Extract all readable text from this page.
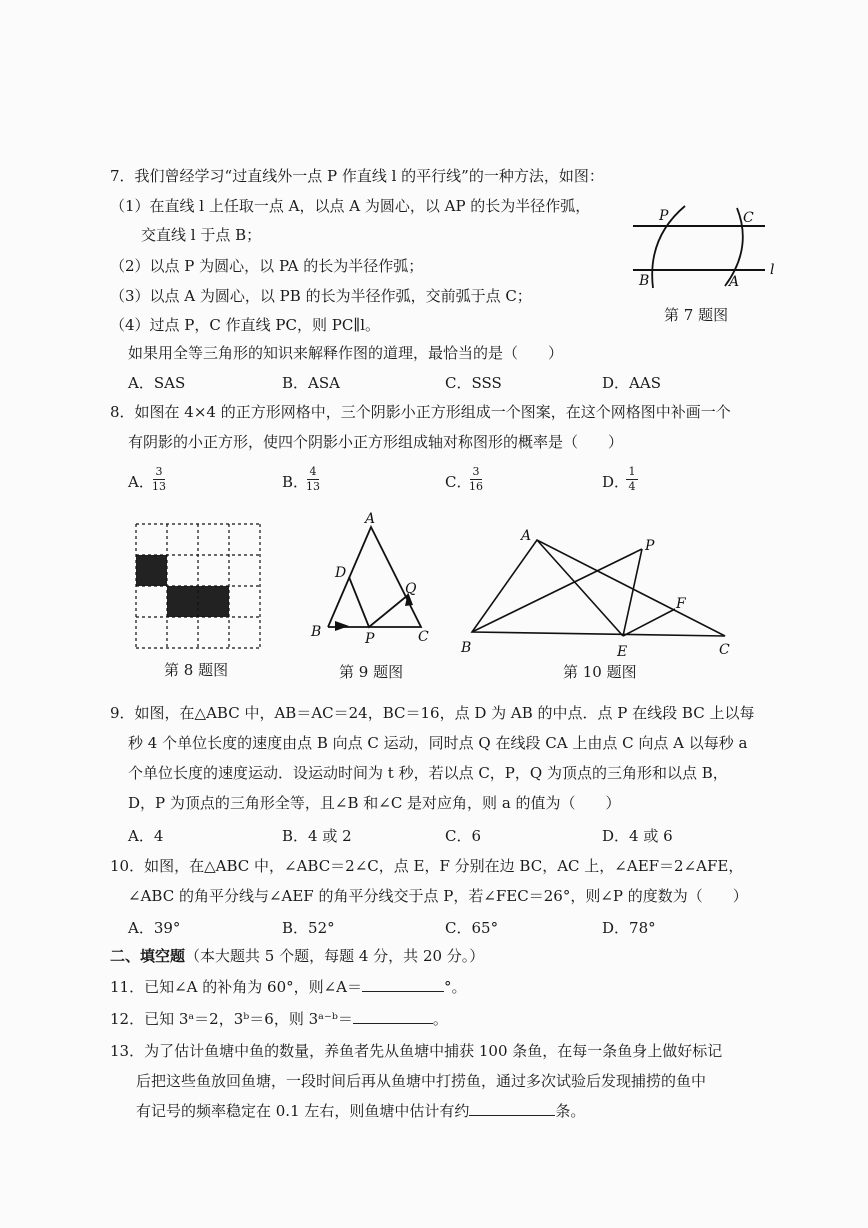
7．我们曾经学习“过直线外一点 P 作直线 l 的平行线”的一种方法，如图：
（1）在直线 l 上任取一点 A，以点 A 为圆心，以 AP 的长为半径作弧，
交直线 l 于点 B；
（2）以点 P 为圆心，以 PA 的长为半径作弧；
（3）以点 A 为圆心，以 PB 的长为半径作弧，交前弧于点 C；
（4）过点 P，C 作直线 PC，则 PC∥l。
如果用全等三角形的知识来解释作图的道理，最恰当的是（　　）
A．SAS	B．ASA	C．SSS	D．AAS
P	C
B	A
l
第 7 题图
8．如图在 4×4 的正方形网格中，三个阴影小正方形组成一个图案，在这个网格图中补画一个
有阴影的小正方形，使四个阴影小正方形组成轴对称图形的概率是（　　）
A．
3
13	B．
4
13	C．
3
16	D．
1
4
第 8 题图
A
D
Q
B	P	C
第 9 题图
A
P
F
B	E	C
第 10 题图
9．如图，在△ABC 中，AB＝AC＝24，BC＝16，点 D 为 AB 的中点．点 P 在线段 BC 上以每
秒 4 个单位长度的速度由点 B 向点 C 运动，同时点 Q 在线段 CA 上由点 C 向点 A 以每秒 a
个单位长度的速度运动．设运动时间为 t 秒，若以点 C，P，Q 为顶点的三角形和以点 B，
D，P 为顶点的三角形全等，且∠B 和∠C 是对应角，则 a 的值为（　　）
A．4	B．4 或 2	C．6	D．4 或 6
10．如图，在△ABC 中，∠ABC＝2∠C，点 E，F 分别在边 BC，AC 上，∠AEF＝2∠AFE，
∠ABC 的角平分线与∠AEF 的角平分线交于点 P，若∠FEC＝26°，则∠P 的度数为（　　）
A．39°	B．52°	C．65°	D．78°
二、填空题（本大题共 5 个题，每题 4 分，共 20 分。）
11．已知∠A 的补角为 60°，则∠A＝	°。
12．已知 3ᵃ＝2，3ᵇ＝6，则 3ᵃ⁻ᵇ＝	。
13．为了估计鱼塘中鱼的数量，养鱼者先从鱼塘中捕获 100 条鱼，在每一条鱼身上做好标记
后把这些鱼放回鱼塘，一段时间后再从鱼塘中打捞鱼，通过多次试验后发现捕捞的鱼中
有记号的频率稳定在 0.1 左右，则鱼塘中估计有约	条。
